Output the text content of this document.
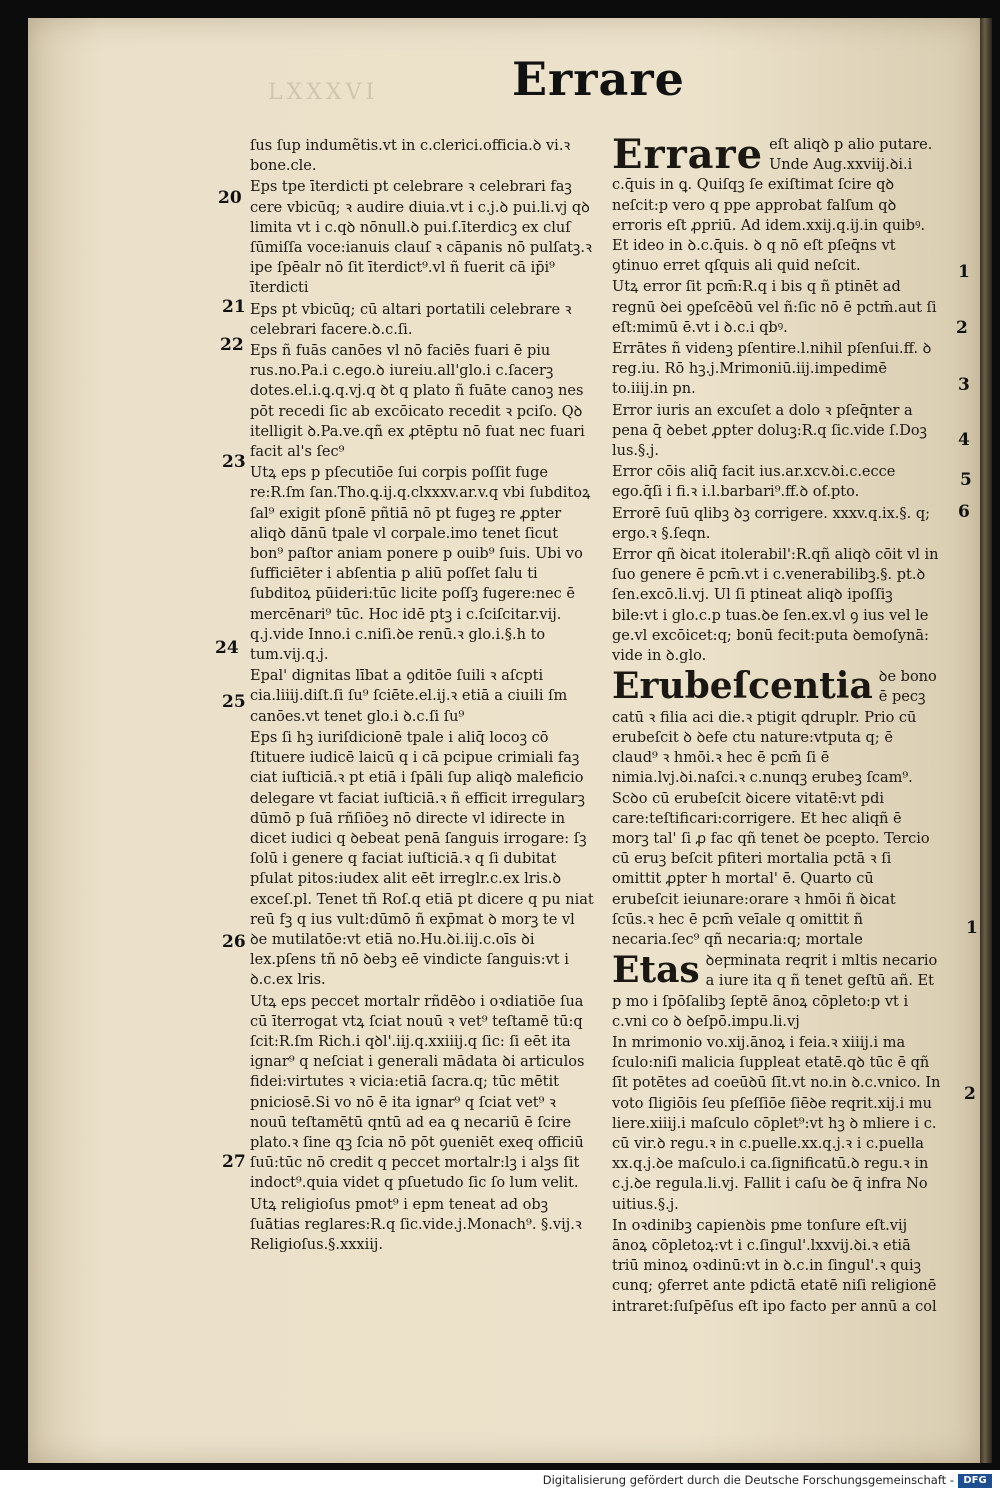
LXXXVI	Errare

ſus ſup indumẽtis.vt in c.clerici.officia.ꝺ vi.ꝛ bone.cle.

Eps tpe īterdicti pt celebrare ꝛ celebrari faꝫ cere vbicūq; ꝛ audire diuia.vt i c.j.ꝺ pui.li.vj qꝺ limita vt i c.qꝺ nōnull.ꝺ pui.ſ.īterdicꝫ ex cluſ ſūmiſſa voce:ianuis clauſ ꝛ cāpanis nō pulſatꝫ.ꝛ ipe ſpēalr nō ſit īterdict⁹.vl ñ fuerit cā ip̄i⁹ īterdicti

Eps pt vbicūq; cū altari portatili celebrare ꝛ celebrari facere.ꝺ.c.ſi.

Eps ñ fuās canōes vl nō faciēs fuari ē piu rus.no.Pa.i c.ego.ꝺ iureiu.all'glo.i c.ſacerꝫ dotes.el.i.ꝗ.q.vj.q ꝺt q plato ñ fuāte canoꝫ nes pōt recedi ſic ab excōicato recedit ꝛ pciſo. Qꝺ itelligit ꝺ.Pa.ve.qñ ex ꝓtēptu nō fuat nec fuari facit al's ſec⁹

Utꝝ eps p pſecutiōe ſui corpis poſſit fuge re:R.ſm ſan.Tho.ꝗ.ij.q.clxxxv.ar.v.q vbi ſubditoꝝ ſal⁹ exigit pſonē pñtiā nō pt fugeꝫ re ꝓpter aliqꝺ dānū tpale vl corpale.imo tenet ſicut bon⁹ paſtor aniam ponere p ouib⁹ ſuis. Ubi vo ſufficiēter i abſentia p aliū poſſet ſalu ti ſubditoꝝ pūideri:tūc licite poſſꝫ fugere:nec ē mercēnari⁹ tūc. Hoc idē ptꝫ i c.ſciſcitar.vij. q.j.vide Inno.i c.niſi.ꝺe renū.ꝛ glo.i.§.h to tum.vij.q.j.

Epal' dignitas lībat a ꝯditōe ſuili ꝛ aſcpti cia.liiij.diſt.ſi ſu⁹ ſciēte.el.ij.ꝛ etiā a ciuili ſm canōes.vt tenet glo.i ꝺ.c.ſi ſu⁹

Eps ſi hꝫ iuriſdicionē tpale i aliq̄ locoꝫ cō ſtituere iudicē laicū q i cā pcipue crimiali faꝫ ciat iuſticiā.ꝛ pt etiā i ſpāli ſup aliqꝺ maleficio delegare vt faciat iuſticiā.ꝛ ñ efficit irregularꝫ dūmō p ſuā rñſiōeꝫ nō directe vl idirecte in dicet iudici q ꝺebeat penā ſanguis irrogare: ſꝫ ſolū i genere q faciat iuſticiā.ꝛ q ſi dubitat pſulat pitos:iudex alit eēt irreglr.c.ex lris.ꝺ exceſ.pl. Tenet tñ Roſ.q etiā pt dicere q pu niat reū fꝫ q ius vult:dūmō ñ exp̄mat ꝺ morꝫ te vl ꝺe mutilatōe:vt etiā no.Hu.ꝺi.iij.c.oīs ꝺi lex.pſens tñ nō ꝺebꝫ eē vindicte ſanguis:vt i ꝺ.c.ex lris.

Utꝝ eps peccet mortalr rñdēꝺo i oꝛdiatiōe ſua cū īterrogat vtꝝ ſciat nouū ꝛ vet⁹ teſtamē tū:q ſcit:R.ſm Rich.i qꝺl'.iij.q.xxiiij.q ſic: ſi eēt ita ignar⁹ q neſciat i generali mādata ꝺi articulos fidei:virtutes ꝛ vicia:etiā ſacra.q; tūc mētit pniciosē.Si vo nō ē ita ignar⁹ q ſciat vet⁹ ꝛ nouū teſtamētū qntū ad ea ꝗ necariū ē ſcire plato.ꝛ ſine qꝫ ſcia nō pōt ꝯueniēt exeq officiū ſuū:tūc nō credit q peccet mortalr:lꝫ i alꝫs ſit indoct⁹.quia videt q pſuetudo ſic ſo lum velit.

Utꝝ religioſus pmot⁹ i epm teneat ad obꝫ ſuātias reglares:R.q ſic.vide.j.Monach⁹. §.vij.ꝛ Religioſus.§.xxxiij.

Errare eſt aliqꝺ p alio putare. Unde Aug.xxviij.ꝺi.i c.q̄uis in ꝗ. Quiſqꝫ ſe exiſtimat ſcire qꝺ neſcit:p vero q ppe approbat falſum qꝺ erroris eſt ꝓpriū. Ad idem.xxij.q.ij.in quibꝰ. Et ideo in ꝺ.c.q̄uis. ꝺ q nō eſt pſeq̄ns vt ꝯtinuo erret qſquis ali quid neſcit.

Utꝝ error ſit pcm̄:R.q i bis q ñ ptinēt ad regnū ꝺei ꝯpeſcēꝺū vel ñ:ſic nō ē pctm̄.aut ſi eſt:mimū ē.vt i ꝺ.c.i qbꝰ.

Errātes ñ videnꝫ pſentire.l.nihil pſenſui.ff. ꝺ reg.iu. Rō hꝫ.j.Mrimoniū.iij.impedimē to.iiij.in pn.

Error iuris an excuſet a dolo ꝛ pſeq̄nter a pena q̄ ꝺebet ꝓpter doluꝫ:R.q ſic.vide ſ.Doꝫ lus.§.j.

Error cōis aliq̄ facit ius.ar.xcv.ꝺi.c.ecce ego.q̄ſi i fi.ꝛ i.l.barbari⁹.ff.ꝺ of.pto.

Errorē ſuū qlibꝫ ꝺꝫ corrigere. xxxv.q.ix.§. q; ergo.ꝛ §.ſeqn.

Error qñ ꝺicat itolerabil':R.qñ aliqꝺ cōit vl in ſuo genere ē pcm̄.vt i c.venerabilibꝫ.§. pt.ꝺ ſen.excō.li.vj. Ul ſi ptineat aliqꝺ ipoſſiꝫ bile:vt i glo.c.p tuas.ꝺe ſen.ex.vl ꝯ ius vel le ge.vl excōicet:q; bonū fecit:puta ꝺemoſynā: vide in ꝺ.glo.

Erubeſcentia ꝺe bono ē pecꝫ catū ꝛ filia aci die.ꝛ ptigit qdruplr. Prio cū erubeſcit ꝺ ꝺefe ctu nature:vtputa q; ē claud⁹ ꝛ hmōi.ꝛ hec ē pcm̄ ſi ē nimia.lvj.ꝺi.naſci.ꝛ c.nunqꝫ erubeꝫ ſcam⁹. Scꝺo cū erubeſcit ꝺicere vitatē:vt pdi care:teſtificari:corrigere. Et hec aliqñ ē morꝫ tal' ſi ꝓ fac qñ tenet ꝺe pcepto. Tercio cū eruꝫ beſcit pfiteri mortalia pctā ꝛ ſi omittit ꝓpter h mortal' ē. Quarto cū erubeſcit ieiunare:orare ꝛ hmōi ñ ꝺicat ſcūs.ꝛ hec ē pcm̄ veīale q omittit ñ necaria.ſec⁹ qñ necaria:q; mortale

Etas ꝺeꝼminata reqrit i mltis necario a iure ita q ñ tenet geſtū añ. Et p mo i ſpōſalibꝫ ſeptē ānoꝝ cōpleto:p vt i c.vni co ꝺ ꝺeſpō.impu.li.vj

In mrimonio vo.xij.ānoꝝ i feia.ꝛ xiiij.i ma ſculo:niſi malicia ſuppleat etatē.qꝺ tūc ē qñ ſīt potētes ad coeūꝺū ſīt.vt no.in ꝺ.c.vnico. In voto ſligiōis ſeu pſeſſiōe ſiēꝺe reqrit.xij.i mu liere.xiiij.i maſculo cōplet⁹:vt hꝫ ꝺ mliere i c. cū vir.ꝺ regu.ꝛ in c.puelle.xx.q.j.ꝛ i c.puella xx.q.j.ꝺe maſculo.i ca.ſignificatū.ꝺ regu.ꝛ in c.j.ꝺe regula.li.vj. Fallit i caſu ꝺe q̄ infra No uitius.§.j.

In oꝛdinibꝫ capienꝺis pme tonſure eſt.vij ānoꝝ cōpletoꝝ:vt i c.ſingul'.lxxvij.ꝺi.ꝛ etiā triū minoꝝ oꝛdinū:vt in ꝺ.c.in ſingul'.ꝛ quiꝫ cunq; ꝯferret ante pdictā etatē niſi religionē intraret:ſuſpēſus eſt ipo facto per annū a col

20
21
22
23
24
25
26
27
1
2
3
4
5
6
1
2
Digitalisierung gefördert durch die Deutsche Forschungsgemeinschaft - DFG
